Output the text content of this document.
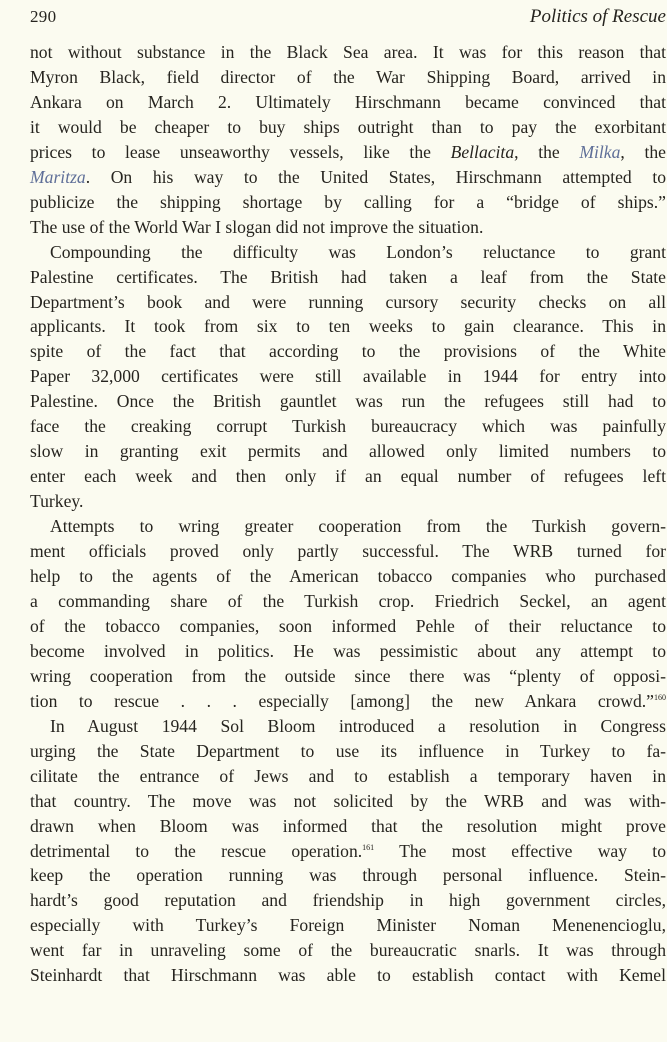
290	Politics of Rescue
not without substance in the Black Sea area. It was for this reason that
Myron Black, field director of the War Shipping Board, arrived in
Ankara on March 2. Ultimately Hirschmann became convinced that
it would be cheaper to buy ships outright than to pay the exorbitant
prices to lease unseaworthy vessels, like the Bellacita, the Milka, the
Maritza. On his way to the United States, Hirschmann attempted to
publicize the shipping shortage by calling for a “bridge of ships.”
The use of the World War I slogan did not improve the situation.
Compounding the difficulty was London’s reluctance to grant
Palestine certificates. The British had taken a leaf from the State
Department’s book and were running cursory security checks on all
applicants. It took from six to ten weeks to gain clearance. This in
spite of the fact that according to the provisions of the White
Paper 32,000 certificates were still available in 1944 for entry into
Palestine. Once the British gauntlet was run the refugees still had to
face the creaking corrupt Turkish bureaucracy which was painfully
slow in granting exit permits and allowed only limited numbers to
enter each week and then only if an equal number of refugees left
Turkey.
Attempts to wring greater cooperation from the Turkish govern-
ment officials proved only partly successful. The WRB turned for
help to the agents of the American tobacco companies who purchased
a commanding share of the Turkish crop. Friedrich Seckel, an agent
of the tobacco companies, soon informed Pehle of their reluctance to
become involved in politics. He was pessimistic about any attempt to
wring cooperation from the outside since there was “plenty of opposi-
tion to rescue . . . especially [among] the new Ankara crowd.”$^{160}$
In August 1944 Sol Bloom introduced a resolution in Congress
urging the State Department to use its influence in Turkey to fa-
cilitate the entrance of Jews and to establish a temporary haven in
that country. The move was not solicited by the WRB and was with-
drawn when Bloom was informed that the resolution might prove
detrimental to the rescue operation.$^{161}$ The most effective way to
keep the operation running was through personal influence. Stein-
hardt’s good reputation and friendship in high government circles,
especially with Turkey’s Foreign Minister Noman Menenencioglu,
went far in unraveling some of the bureaucratic snarls. It was through
Steinhardt that Hirschmann was able to establish contact with Kemel
